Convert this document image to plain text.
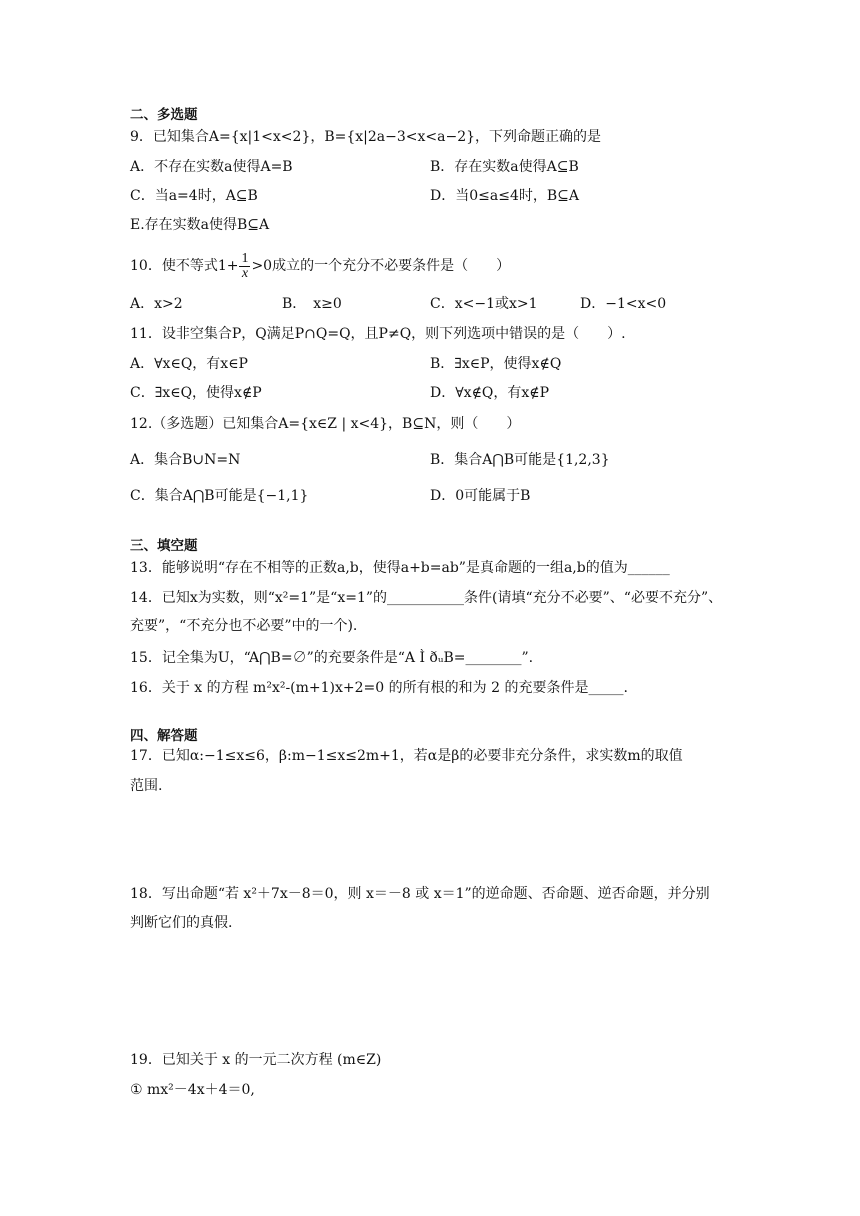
二、多选题
9．已知集合A={x|1<x<2}，B={x|2a−3<x<a−2}，下列命题正确的是
A．不存在实数a使得A=B	B．存在实数a使得A⊆B
C．当a=4时，A⊆B	D．当0≤a≤4时，B⊆A
E.存在实数a使得B⊆A
10．使不等式$1+ \frac{1}{x} >0$成立的一个充分不必要条件是（　　）
A．x>2	B．　x≥0	C．x<−1或x>1	D．−1<x<0
11．设非空集合P，Q满足P∩Q=Q，且P≠Q，则下列选项中错误的是（　　）.
A．∀x∈Q，有x∈P	B．∃x∈P，使得x∉Q
C．∃x∈Q，使得x∉P	D．∀x∉Q，有x∉P
12.（多选题）已知集合A={x∈Z | x<4}，B⊆N，则（　　）
A．集合B∪N=N	B．集合A⋂B可能是{1,2,3}
C．集合A⋂B可能是{−1,1}	D．0可能属于B
三、填空题
13．能够说明“存在不相等的正数a,b，使得a+b=ab”是真命题的一组a,b的值为______
14．已知x为实数，则“x²=1”是“x=1”的___________条件(请填“充分不必要”、“必要不充分”、
充要”，“不充分也不必要”中的一个).
15．记全集为U，“A⋂B=∅”的充要条件是“A Ì ðᵤB=________”.
16．关于 x 的方程 m²x²-(m+1)x+2=0 的所有根的和为 2 的充要条件是_____.
四、解答题
17．已知α:−1≤x≤6，β:m−1≤x≤2m+1，若α是β的必要非充分条件，求实数m的取值
范围.
18．写出命题“若 x²＋7x－8＝0，则 x＝－8 或 x＝1”的逆命题、否命题、逆否命题，并分别
判断它们的真假.
19．已知关于 x 的一元二次方程 (m∈Z)
① mx²－4x＋4＝0,
